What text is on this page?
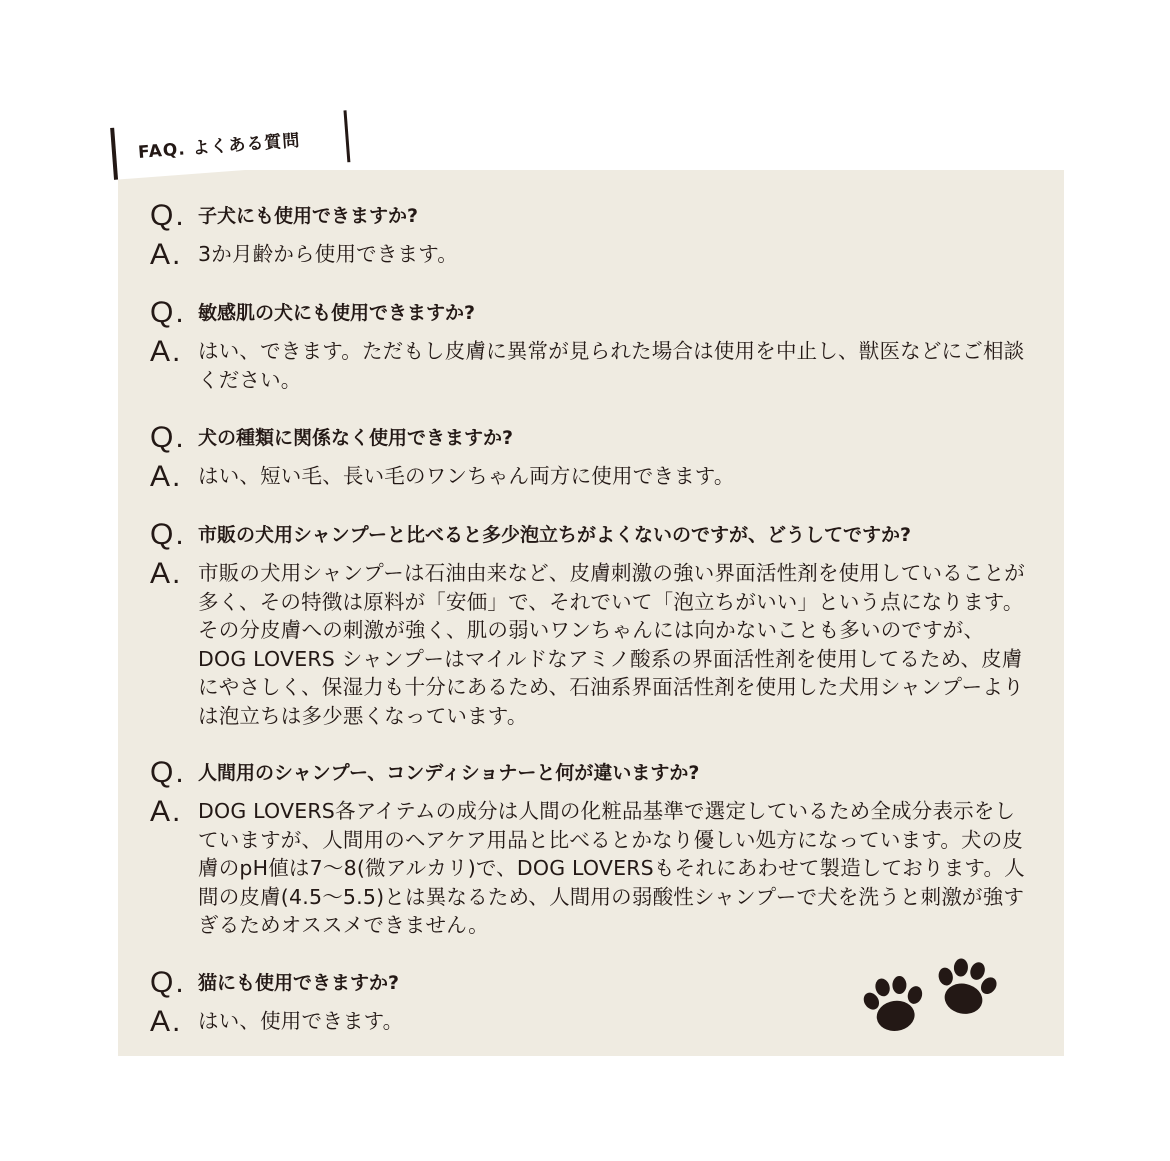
FAQ. よくある質問
Q. 子犬にも使用できますか?
A. 3か月齢から使用できます。
Q. 敏感肌の犬にも使用できますか?
A. はい、できます。ただもし皮膚に異常が見られた場合は使用を中止し、獣医などにご相談ください。
Q. 犬の種類に関係なく使用できますか?
A. はい、短い毛、長い毛のワンちゃん両方に使用できます。
Q. 市販の犬用シャンプーと比べると多少泡立ちがよくないのですが、どうしてですか?
A. 市販の犬用シャンプーは石油由来など、皮膚刺激の強い界面活性剤を使用していることが多く、その特徴は原料が「安価」で、それでいて「泡立ちがいい」という点になります。その分皮膚への刺激が強く、肌の弱いワンちゃんには向かないことも多いのですが、DOG LOVERS シャンプーはマイルドなアミノ酸系の界面活性剤を使用してるため、皮膚にやさしく、保湿力も十分にあるため、石油系界面活性剤を使用した犬用シャンプーよりは泡立ちは多少悪くなっています。
Q. 人間用のシャンプー、コンディショナーと何が違いますか?
A. DOG LOVERS各アイテムの成分は人間の化粧品基準で選定しているため全成分表示をしていますが、人間用のヘアケア用品と比べるとかなり優しい処方になっています。犬の皮膚のpH値は7〜8(微アルカリ)で、DOG LOVERSもそれにあわせて製造しております。人間の皮膚(4.5〜5.5)とは異なるため、人間用の弱酸性シャンプーで犬を洗うと刺激が強すぎるためオススメできません。
Q. 猫にも使用できますか?
A. はい、使用できます。
